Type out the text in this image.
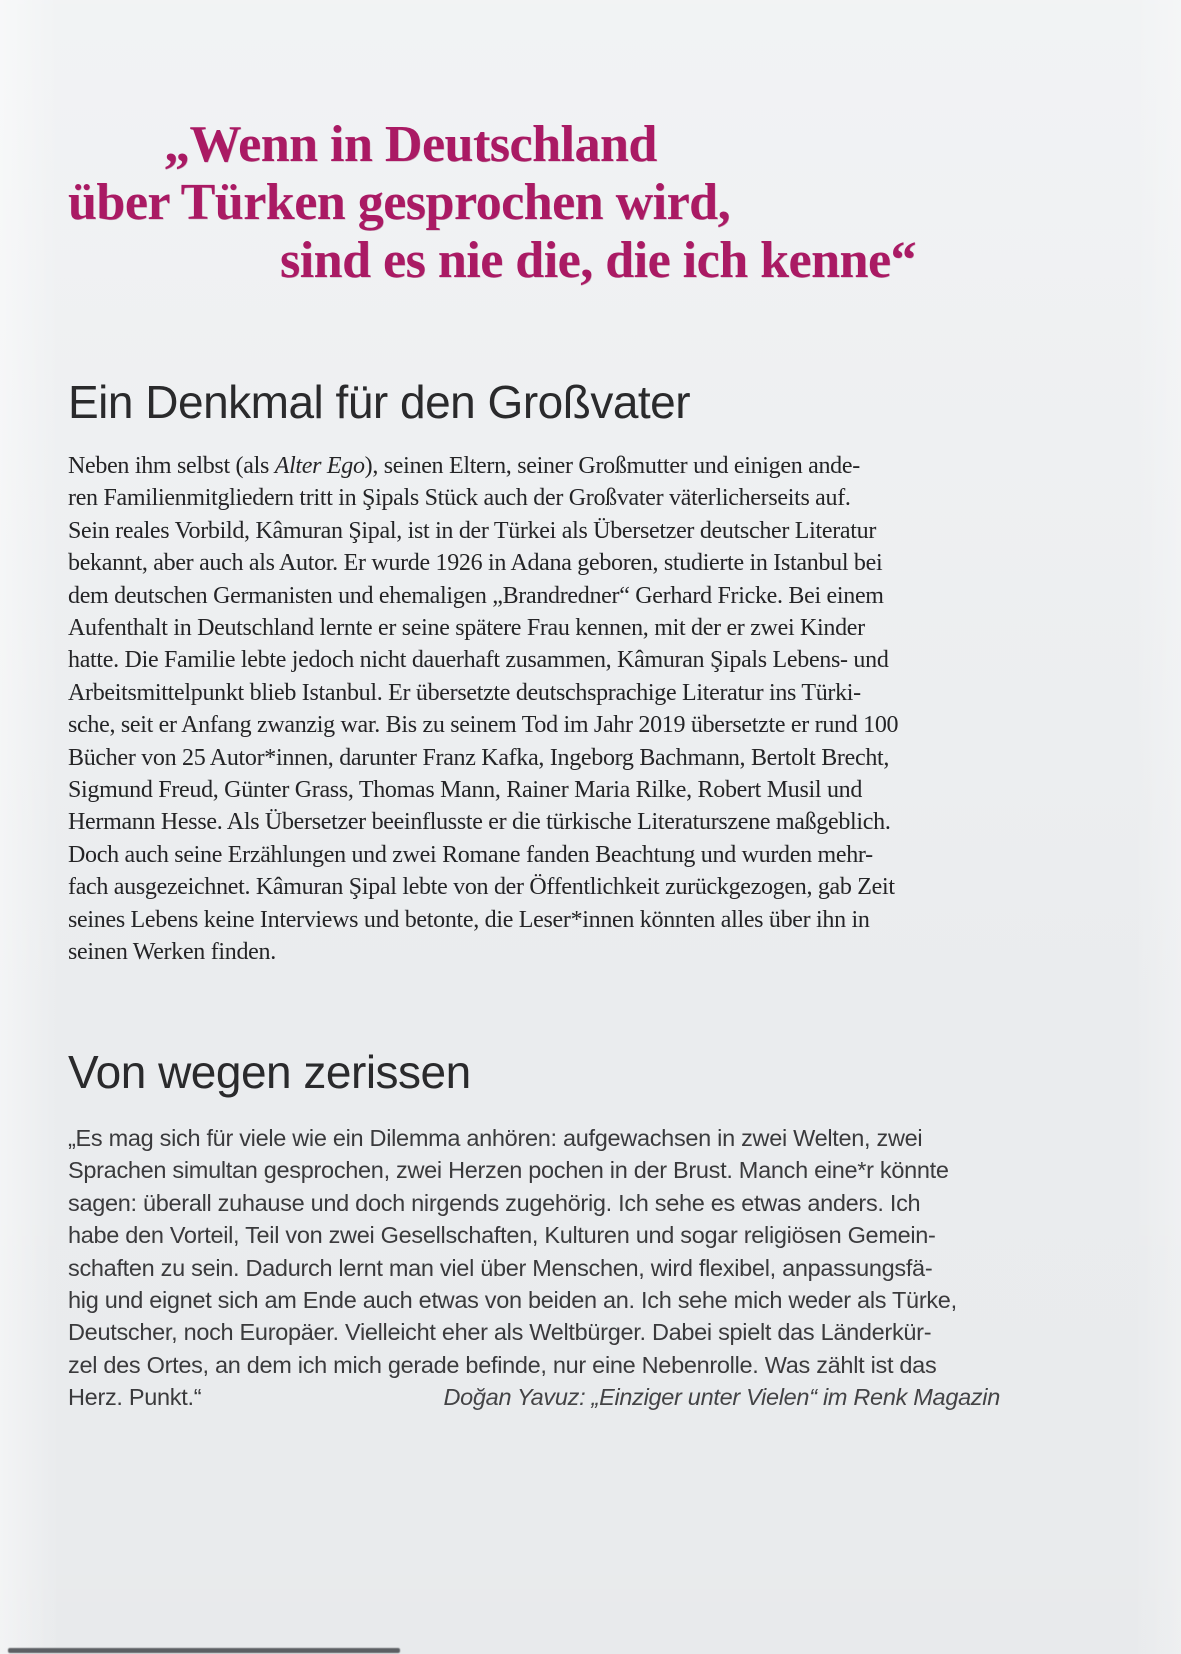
„Wenn in Deutschland
über Türken gesprochen wird,
sind es nie die, die ich kenne“
Ein Denkmal für den Großvater
Neben ihm selbst (als Alter Ego), seinen Eltern, seiner Großmutter und einigen ande-
ren Familienmitgliedern tritt in Şipals Stück auch der Großvater väterlicherseits auf.
Sein reales Vorbild, Kâmuran Şipal, ist in der Türkei als Übersetzer deutscher Literatur
bekannt, aber auch als Autor. Er wurde 1926 in Adana geboren, studierte in Istanbul bei
dem deutschen Germanisten und ehemaligen „Brandredner“ Gerhard Fricke. Bei einem
Aufenthalt in Deutschland lernte er seine spätere Frau kennen, mit der er zwei Kinder
hatte. Die Familie lebte jedoch nicht dauerhaft zusammen, Kâmuran Şipals Lebens- und
Arbeitsmittelpunkt blieb Istanbul. Er übersetzte deutschsprachige Literatur ins Türki-
sche, seit er Anfang zwanzig war. Bis zu seinem Tod im Jahr 2019 übersetzte er rund 100
Bücher von 25 Autor*innen, darunter Franz Kafka, Ingeborg Bachmann, Bertolt Brecht,
Sigmund Freud, Günter Grass, Thomas Mann, Rainer Maria Rilke, Robert Musil und
Hermann Hesse. Als Übersetzer beeinflusste er die türkische Literaturszene maßgeblich.
Doch auch seine Erzählungen und zwei Romane fanden Beachtung und wurden mehr-
fach ausgezeichnet. Kâmuran Şipal lebte von der Öffentlichkeit zurückgezogen, gab Zeit
seines Lebens keine Interviews und betonte, die Leser*innen könnten alles über ihn in
seinen Werken finden.
Von wegen zerissen
„Es mag sich für viele wie ein Dilemma anhören: aufgewachsen in zwei Welten, zwei
Sprachen simultan gesprochen, zwei Herzen pochen in der Brust. Manch eine*r könnte
sagen: überall zuhause und doch nirgends zugehörig. Ich sehe es etwas anders. Ich
habe den Vorteil, Teil von zwei Gesellschaften, Kulturen und sogar religiösen Gemein-
schaften zu sein. Dadurch lernt man viel über Menschen, wird flexibel, anpassungsfä-
hig und eignet sich am Ende auch etwas von beiden an. Ich sehe mich weder als Türke,
Deutscher, noch Europäer. Vielleicht eher als Weltbürger. Dabei spielt das Länderkür-
zel des Ortes, an dem ich mich gerade befinde, nur eine Nebenrolle. Was zählt ist das
Herz. Punkt.“	Doğan Yavuz: „Einziger unter Vielen“ im Renk Magazin
